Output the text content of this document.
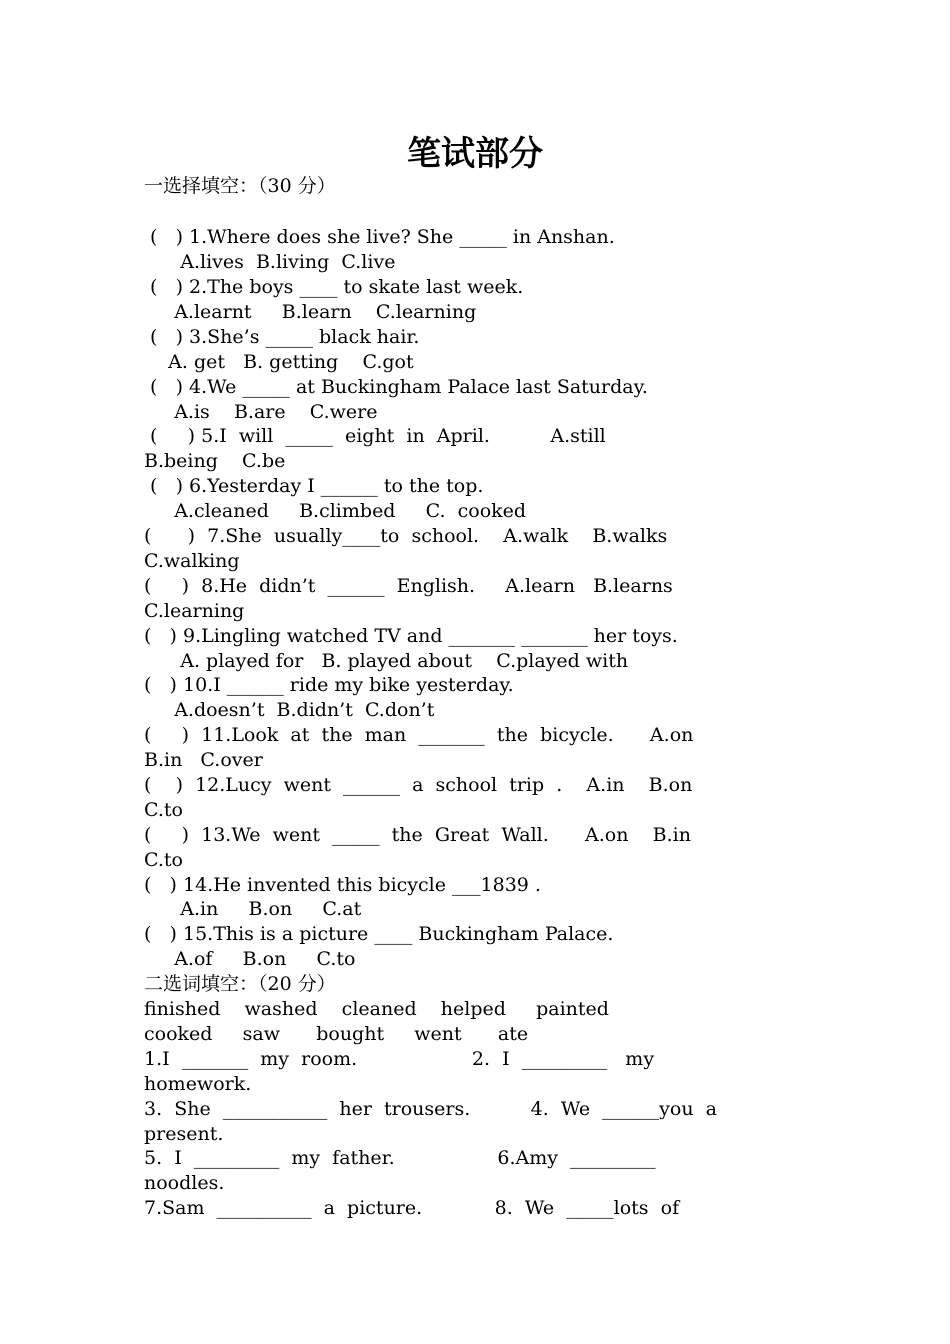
笔试部分
一选择填空：（30 分）
(   ) 1.Where does she live? She _____ in Anshan.
A.lives  B.living  C.live
(   ) 2.The boys ____ to skate last week.
A.learnt     B.learn    C.learning
(   ) 3.She’s _____ black hair.
A. get   B. getting    C.got
(   ) 4.We _____ at Buckingham Palace last Saturday.
A.is    B.are    C.were
(     ) 5.I  will  _____  eight  in  April.          A.still
B.being    C.be
(   ) 6.Yesterday I ______ to the top.
A.cleaned     B.climbed     C.  cooked
(      )  7.She  usually____to  school.    A.walk    B.walks
C.walking
(     )  8.He  didn’t  ______  English.     A.learn   B.learns
C.learning
(   ) 9.Lingling watched TV and _______ _______ her toys.
A. played for   B. played about    C.played with
(   ) 10.I ______ ride my bike yesterday.
A.doesn’t  B.didn’t  C.don’t
(     )  11.Look  at  the  man  _______  the  bicycle.      A.on
B.in   C.over
(    )  12.Lucy  went  ______  a  school  trip  .    A.in    B.on
C.to
(     )  13.We  went  _____  the  Great  Wall.      A.on    B.in
C.to
(   ) 14.He invented this bicycle ___1839 .
A.in     B.on     C.at
(   ) 15.This is a picture ____ Buckingham Palace.
A.of     B.on     C.to
二选词填空：（20 分）
finished    washed    cleaned    helped     painted
cooked     saw      bought     went      ate
1.I  _______  my  room.                   2.  I  _________   my
homework.
3.  She  ___________  her  trousers.          4.  We  ______you  a
present.
5.  I  _________  my  father.                 6.Amy  _________
noodles.
7.Sam  __________  a  picture.            8.  We  _____lots  of
